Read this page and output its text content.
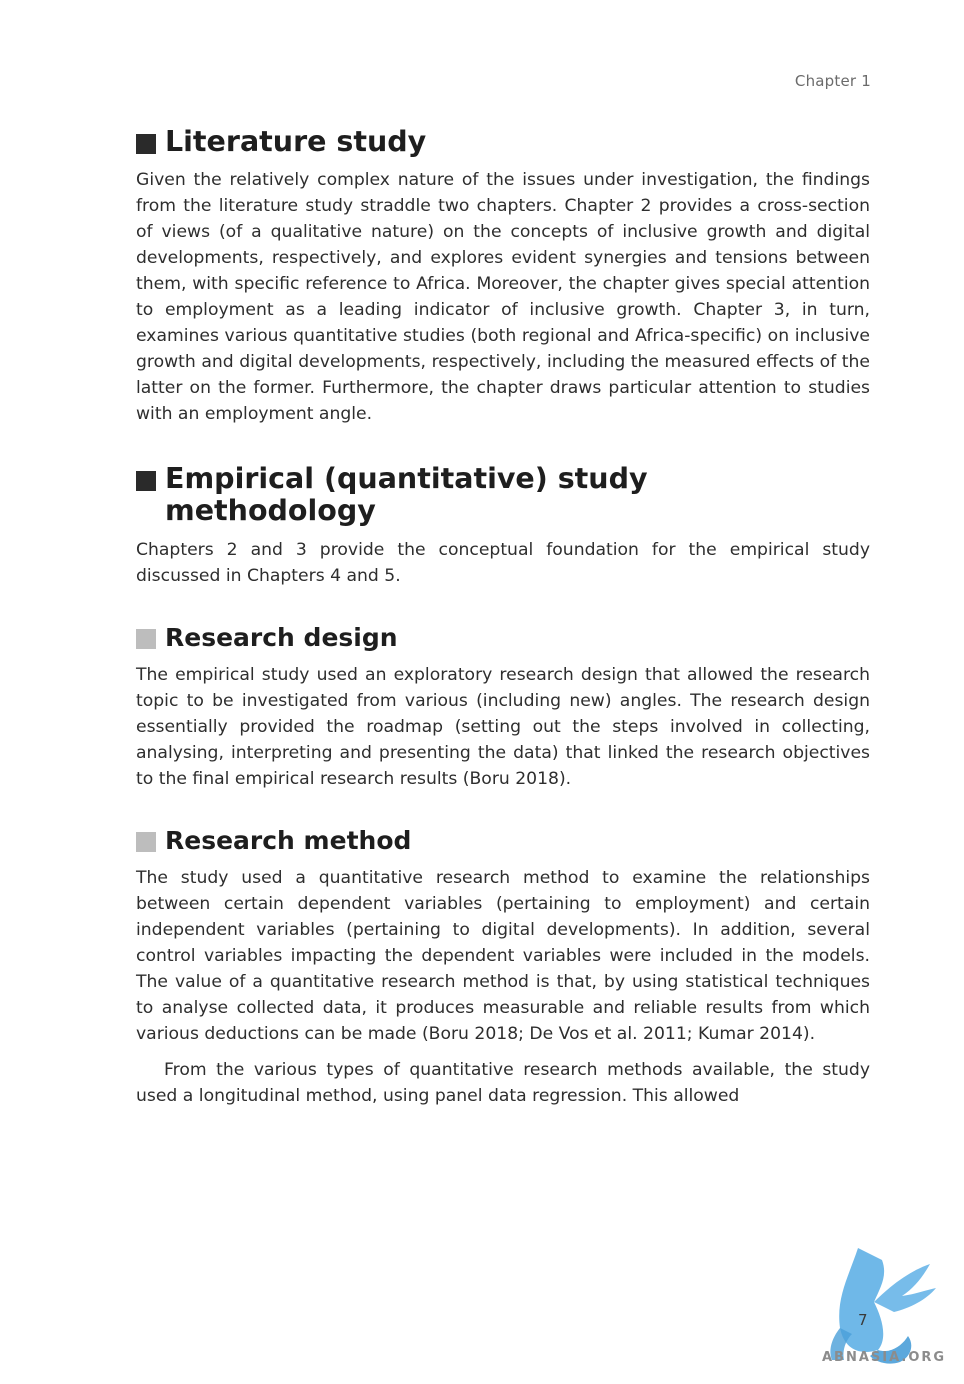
Chapter 1
Literature study

Given the relatively complex nature of the issues under investigation, the findings from the literature study straddle two chapters. Chapter 2 provides a cross-section of views (of a qualitative nature) on the concepts of inclusive growth and digital developments, respectively, and explores evident synergies and tensions between them, with specific reference to Africa. Moreover, the chapter gives special attention to employment as a leading indicator of inclusive growth. Chapter 3, in turn, examines various quantitative studies (both regional and Africa-specific) on inclusive growth and digital developments, respectively, including the measured effects of the latter on the former. Furthermore, the chapter draws particular attention to studies with an employment angle.

Empirical (quantitative) study
methodology

Chapters 2 and 3 provide the conceptual foundation for the empirical study discussed in Chapters 4 and 5.

Research design

The empirical study used an exploratory research design that allowed the research topic to be investigated from various (including new) angles. The research design essentially provided the roadmap (setting out the steps involved in collecting, analysing, interpreting and presenting the data) that linked the research objectives to the final empirical research results (Boru 2018).

Research method

The study used a quantitative research method to examine the relationships between certain dependent variables (pertaining to employment) and certain independent variables (pertaining to digital developments). In addition, several control variables impacting the dependent variables were included in the models. The value of a quantitative research method is that, by using statistical techniques to analyse collected data, it produces measurable and reliable results from which various deductions can be made (Boru 2018; De Vos et al. 2011; Kumar 2014).

From the various types of quantitative research methods available, the study used a longitudinal method, using panel data regression. This allowed

7
ABNASIA.ORG
